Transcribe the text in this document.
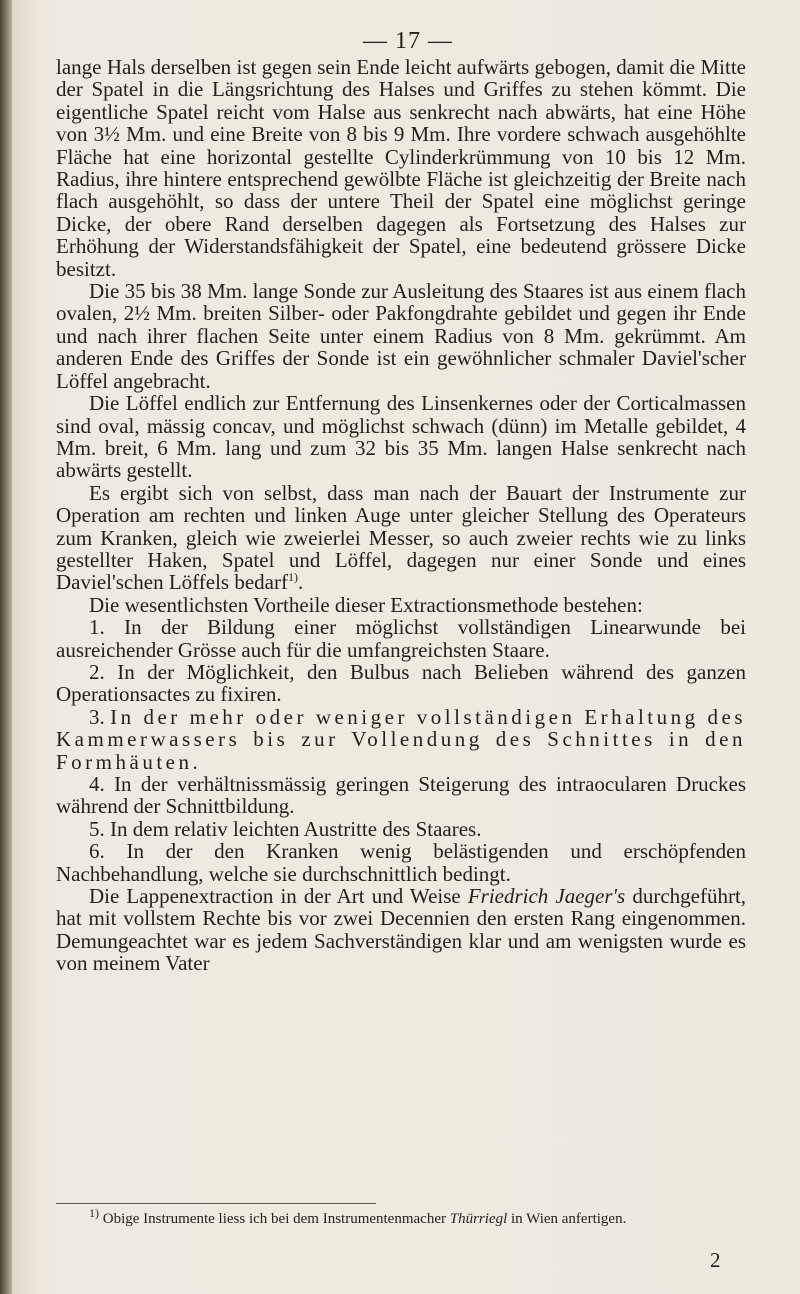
— 17 —

lange Hals derselben ist gegen sein Ende leicht aufwärts gebogen, damit die Mitte der Spatel in die Längsrichtung des Halses und Griffes zu stehen kömmt. Die eigentliche Spatel reicht vom Halse aus senkrecht nach abwärts, hat eine Höhe von 3½ Mm. und eine Breite von 8 bis 9 Mm. Ihre vordere schwach ausgehöhlte Fläche hat eine horizontal gestellte Cylinderkrümmung von 10 bis 12 Mm. Radius, ihre hintere entsprechend gewölbte Fläche ist gleichzeitig der Breite nach flach ausgehöhlt, so dass der untere Theil der Spatel eine möglichst geringe Dicke, der obere Rand derselben dagegen als Fortsetzung des Halses zur Erhöhung der Widerstandsfähigkeit der Spatel, eine bedeutend grössere Dicke besitzt.

Die 35 bis 38 Mm. lange Sonde zur Ausleitung des Staares ist aus einem flach ovalen, 2½ Mm. breiten Silber- oder Pakfongdrahte gebildet und gegen ihr Ende und nach ihrer flachen Seite unter einem Radius von 8 Mm. gekrümmt. Am anderen Ende des Griffes der Sonde ist ein gewöhnlicher schmaler Daviel'scher Löffel angebracht.

Die Löffel endlich zur Entfernung des Linsenkernes oder der Corticalmassen sind oval, mässig concav, und möglichst schwach (dünn) im Metalle gebildet, 4 Mm. breit, 6 Mm. lang und zum 32 bis 35 Mm. langen Halse senkrecht nach abwärts gestellt.

Es ergibt sich von selbst, dass man nach der Bauart der Instrumente zur Operation am rechten und linken Auge unter gleicher Stellung des Operateurs zum Kranken, gleich wie zweierlei Messer, so auch zweier rechts wie zu links gestellter Haken, Spatel und Löffel, dagegen nur einer Sonde und eines Daviel'schen Löffels bedarf$^{1)}$.

Die wesentlichsten Vortheile dieser Extractionsmethode bestehen:

1. In der Bildung einer möglichst vollständigen Linearwunde bei ausreichender Grösse auch für die umfangreichsten Staare.

2. In der Möglichkeit, den Bulbus nach Belieben während des ganzen Operationsactes zu fixiren.

3. In der mehr oder weniger vollständigen Erhaltung des Kammerwassers bis zur Vollendung des Schnittes in den Formhäuten.

4. In der verhältnissmässig geringen Steigerung des intraocularen Druckes während der Schnittbildung.

5. In dem relativ leichten Austritte des Staares.

6. In der den Kranken wenig belästigenden und erschöpfenden Nachbehandlung, welche sie durchschnittlich bedingt.

Die Lappenextraction in der Art und Weise Friedrich Jaeger's durchgeführt, hat mit vollstem Rechte bis vor zwei Decennien den ersten Rang eingenommen. Demungeachtet war es jedem Sachverständigen klar und am wenigsten wurde es von meinem Vater

$^{1)}$ Obige Instrumente liess ich bei dem Instrumentenmacher Thürriegl in Wien anfertigen.

2
